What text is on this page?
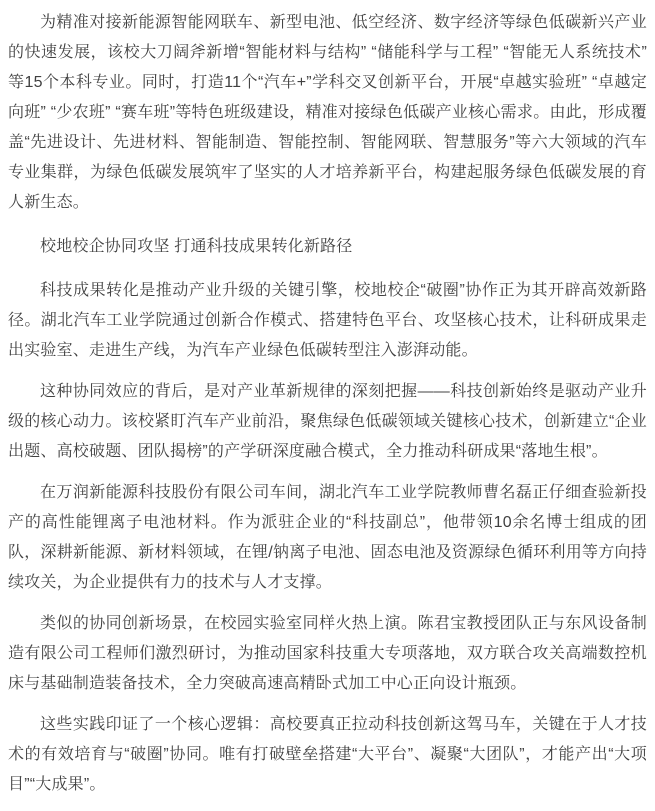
为精准对接新能源智能网联车、新型电池、低空经济、数字经济等绿色低碳新兴产业的快速发展，该校大刀阔斧新增“智能材料与结构” “储能科学与工程” “智能无人系统技术”等15个本科专业。同时，打造11个“汽车+”学科交叉创新平台，开展“卓越实验班” “卓越定向班” “少农班” “赛车班”等特色班级建设，精准对接绿色低碳产业核心需求。由此，形成覆盖“先进设计、先进材料、智能制造、智能控制、智能网联、智慧服务”等六大领域的汽车专业集群，为绿色低碳发展筑牢了坚实的人才培养新平台，构建起服务绿色低碳发展的育人新生态。

校地校企协同攻坚 打通科技成果转化新路径

科技成果转化是推动产业升级的关键引擎，校地校企“破圈”协作正为其开辟高效新路径。湖北汽车工业学院通过创新合作模式、搭建特色平台、攻坚核心技术，让科研成果走出实验室、走进生产线，为汽车产业绿色低碳转型注入澎湃动能。

这种协同效应的背后，是对产业革新规律的深刻把握——科技创新始终是驱动产业升级的核心动力。该校紧盯汽车产业前沿，聚焦绿色低碳领域关键核心技术，创新建立“企业出题、高校破题、团队揭榜”的产学研深度融合模式，全力推动科研成果“落地生根”。

在万润新能源科技股份有限公司车间，湖北汽车工业学院教师曹名磊正仔细查验新投产的高性能锂离子电池材料。作为派驻企业的“科技副总”，他带领10余名博士组成的团队，深耕新能源、新材料领域，在锂/钠离子电池、固态电池及资源绿色循环利用等方向持续攻关，为企业提供有力的技术与人才支撑。

类似的协同创新场景，在校园实验室同样火热上演。陈君宝教授团队正与东风设备制造有限公司工程师们激烈研讨，为推动国家科技重大专项落地，双方联合攻关高端数控机床与基础制造装备技术，全力突破高速高精卧式加工中心正向设计瓶颈。

这些实践印证了一个核心逻辑：高校要真正拉动科技创新这驾马车，关键在于人才技术的有效培育与“破圈”协同。唯有打破壁垒搭建“大平台”、凝聚“大团队”，才能产出“大项目”“大成果”。
